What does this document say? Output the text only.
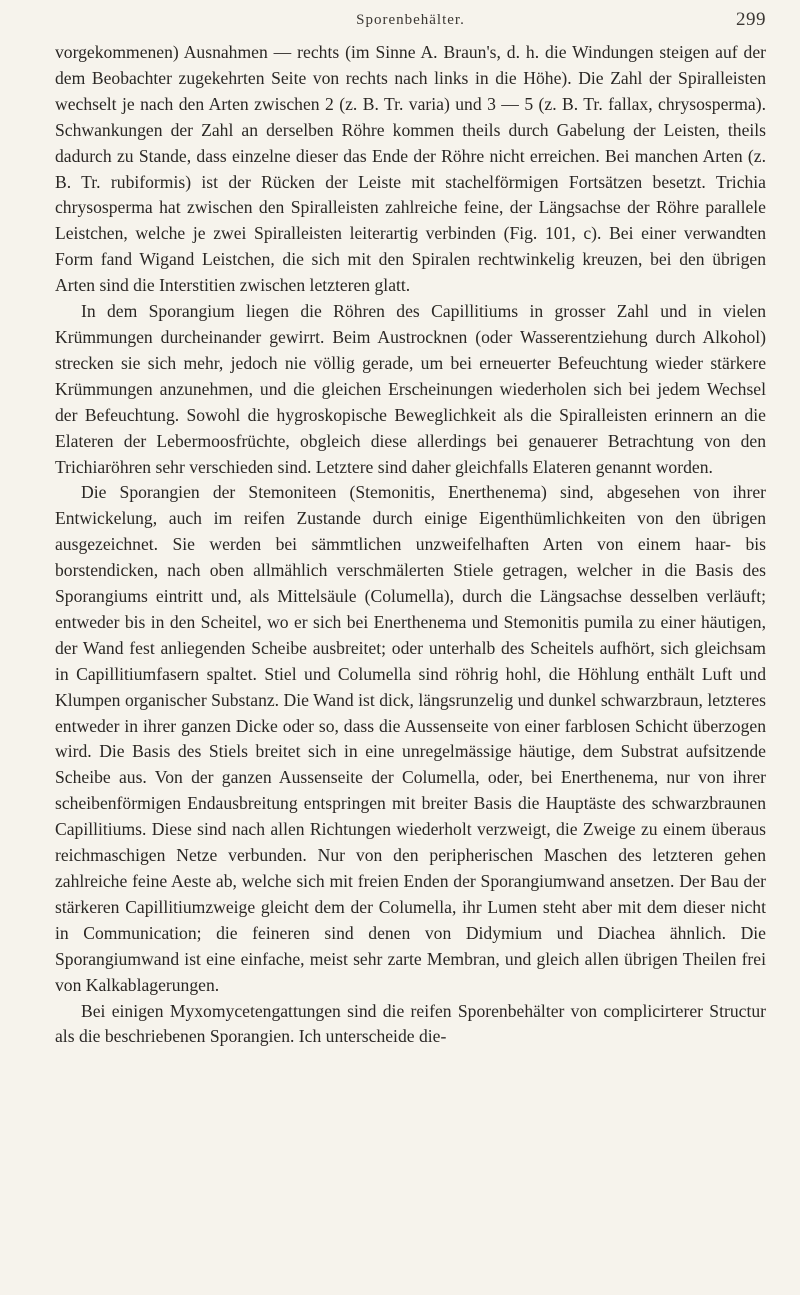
Sporenbehälter.	299

vorgekommenen) Ausnahmen — rechts (im Sinne A. Braun's, d. h. die Windungen steigen auf der dem Beobachter zugekehrten Seite von rechts nach links in die Höhe). Die Zahl der Spiralleisten wechselt je nach den Arten zwischen 2 (z. B. Tr. varia) und 3 — 5 (z. B. Tr. fallax, chrysosperma). Schwankungen der Zahl an derselben Röhre kommen theils durch Gabelung der Leisten, theils dadurch zu Stande, dass einzelne dieser das Ende der Röhre nicht erreichen. Bei manchen Arten (z. B. Tr. rubiformis) ist der Rücken der Leiste mit stachelförmigen Fortsätzen besetzt. Trichia chrysosperma hat zwischen den Spiralleisten zahlreiche feine, der Längsachse der Röhre parallele Leistchen, welche je zwei Spiralleisten leiterartig verbinden (Fig. 101, c). Bei einer verwandten Form fand Wigand Leistchen, die sich mit den Spiralen rechtwinkelig kreuzen, bei den übrigen Arten sind die Interstitien zwischen letzteren glatt.

In dem Sporangium liegen die Röhren des Capillitiums in grosser Zahl und in vielen Krümmungen durcheinander gewirrt. Beim Austrocknen (oder Wasserentziehung durch Alkohol) strecken sie sich mehr, jedoch nie völlig gerade, um bei erneuerter Befeuchtung wieder stärkere Krümmungen anzunehmen, und die gleichen Erscheinungen wiederholen sich bei jedem Wechsel der Befeuchtung. Sowohl die hygroskopische Beweglichkeit als die Spiralleisten erinnern an die Elateren der Lebermoosfrüchte, obgleich diese allerdings bei genauerer Betrachtung von den Trichiaröhren sehr verschieden sind. Letztere sind daher gleichfalls Elateren genannt worden.

Die Sporangien der Stemoniteen (Stemonitis, Enerthenema) sind, abgesehen von ihrer Entwickelung, auch im reifen Zustande durch einige Eigenthümlichkeiten von den übrigen ausgezeichnet. Sie werden bei sämmtlichen unzweifelhaften Arten von einem haar- bis borstendicken, nach oben allmählich verschmälerten Stiele getragen, welcher in die Basis des Sporangiums eintritt und, als Mittelsäule (Columella), durch die Längsachse desselben verläuft; entweder bis in den Scheitel, wo er sich bei Enerthenema und Stemonitis pumila zu einer häutigen, der Wand fest anliegenden Scheibe ausbreitet; oder unterhalb des Scheitels aufhört, sich gleichsam in Capillitiumfasern spaltet. Stiel und Columella sind röhrig hohl, die Höhlung enthält Luft und Klumpen organischer Substanz. Die Wand ist dick, längsrunzelig und dunkel schwarzbraun, letzteres entweder in ihrer ganzen Dicke oder so, dass die Aussenseite von einer farblosen Schicht überzogen wird. Die Basis des Stiels breitet sich in eine unregelmässige häutige, dem Substrat aufsitzende Scheibe aus. Von der ganzen Aussenseite der Columella, oder, bei Enerthenema, nur von ihrer scheibenförmigen Endausbreitung entspringen mit breiter Basis die Hauptäste des schwarzbraunen Capillitiums. Diese sind nach allen Richtungen wiederholt verzweigt, die Zweige zu einem überaus reichmaschigen Netze verbunden. Nur von den peripherischen Maschen des letzteren gehen zahlreiche feine Aeste ab, welche sich mit freien Enden der Sporangiumwand ansetzen. Der Bau der stärkeren Capillitiumzweige gleicht dem der Columella, ihr Lumen steht aber mit dem dieser nicht in Communication; die feineren sind denen von Didymium und Diachea ähnlich. Die Sporangiumwand ist eine einfache, meist sehr zarte Membran, und gleich allen übrigen Theilen frei von Kalkablagerungen.

Bei einigen Myxomycetengattungen sind die reifen Sporenbehälter von complicirterer Structur als die beschriebenen Sporangien. Ich unterscheide die-
